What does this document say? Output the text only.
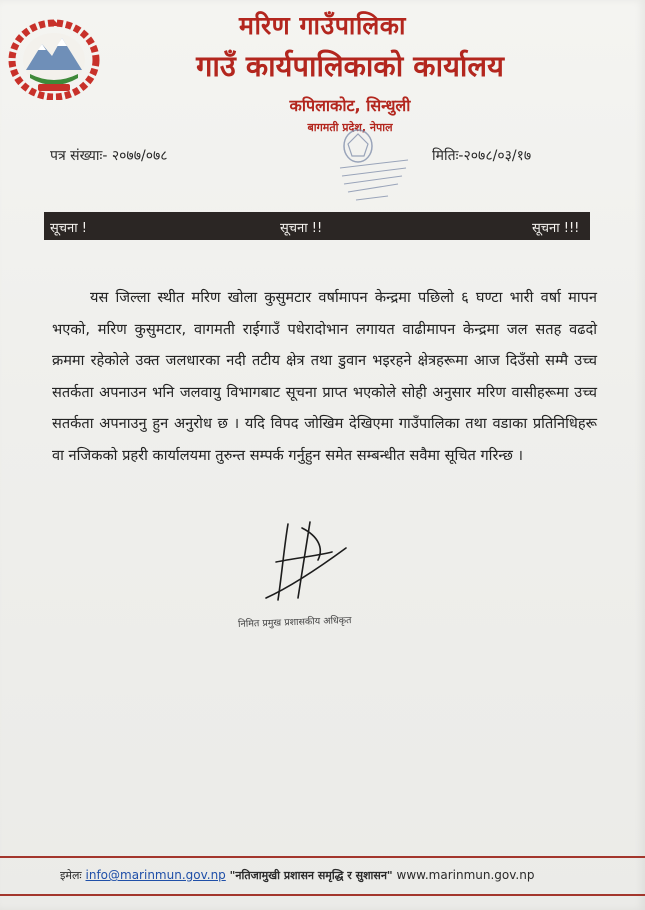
मरिण गाउँपालिका
गाउँ कार्यपालिकाको कार्यालय
कपिलाकोट, सिन्धुली
बागमती प्रदेश, नेपाल
पत्र संख्याः- २०७७/०७८	मितिः-२०७८/०३/१७
सूचना !	सूचना !!	सूचना !!!
यस जिल्ला स्थीत मरिण खोला कुसुमटार वर्षामापन केन्द्रमा पछिलो ६ घण्टा भारी वर्षा मापन भएको, मरिण कुसुमटार, वागमती राईगाउँ पधेरादोभान लगायत वाढीमापन केन्द्रमा जल सतह वढदो क्रममा रहेकोले उक्त जलधारका नदी तटीय क्षेत्र तथा डुवान भइरहने क्षेत्रहरूमा आज दिउँसो सम्मै उच्च सतर्कता अपनाउन भनि जलवायु विभागबाट सूचना प्राप्त भएकोले सोही अनुसार मरिण वासीहरूमा उच्च सतर्कता अपनाउनु हुन अनुरोध छ । यदि विपद जोखिम देखिएमा गाउँपालिका तथा वडाका प्रतिनिधिहरू वा नजिकको प्रहरी कार्यालयमा तुरुन्त सम्पर्क गर्नुहुन समेत सम्बन्धीत सवैमा सूचित गरिन्छ ।
निमित प्रमुख प्रशासकीय अधिकृत
इमेलः info@marinmun.gov.np "नतिजामुखी प्रशासन समृद्धि र सुशासन" www.marinmun.gov.np
